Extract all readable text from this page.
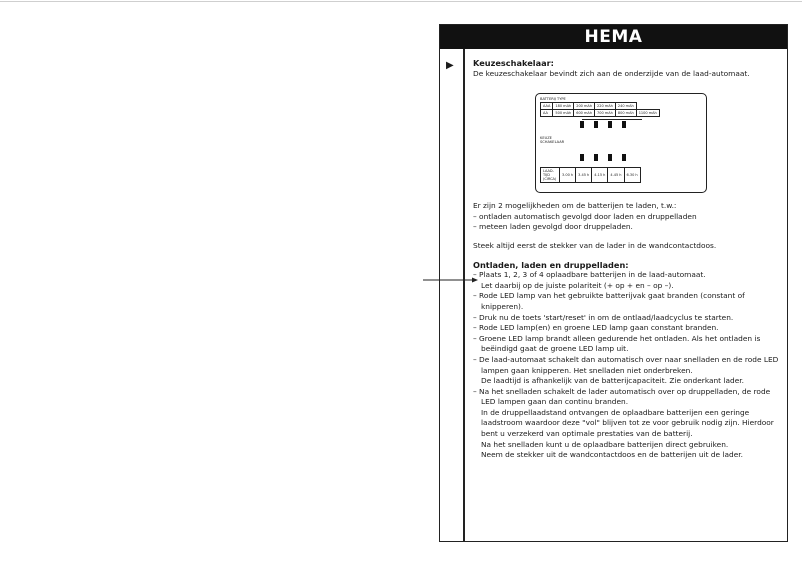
HEMA
▶ Keuzeschakelaar:

De keuzeschakelaar bevindt zich aan de onderzijde van de laad-automaat.

BATTERIJ TYPE
AAA	180 mAh	200 mAh	220 mAh	240 mAh	
AA	500 mAh	600 mAh	700 mAh	800 mAh	1100 mAh
KEUZE SCHAKELAAR
LAAD-TIJD (CIRCA)	3.00 h	3.45 h	4.15 h	4.45 h	6.30 h

Er zijn 2 mogelijkheden om de batterijen te laden, t.w.:

– ontladen automatisch gevolgd door laden en druppelladen

– meteen laden gevolgd door druppeladen.

Steek altijd eerst de stekker van de lader in de wandcontactdoos.

Ontladen, laden en druppelladen:

– Plaats 1, 2, 3 of 4 oplaadbare batterijen in de laad-automaat.

Let daarbij op de juiste polariteit (+ op + en – op –).

– Rode LED lamp van het gebruikte batterijvak gaat branden (constant of knipperen).

– Druk nu de toets 'start/reset' in om de ontlaad/laadcyclus te starten.

– Rode LED lamp(en) en groene LED lamp gaan constant branden.

– Groene LED lamp brandt alleen gedurende het ontladen. Als het ontladen is beëindigd gaat de groene LED lamp uit.

– De laad-automaat schakelt dan automatisch over naar snelladen en de rode LED lampen gaan knipperen. Het snelladen niet onderbreken.

De laadtijd is afhankelijk van de batterijcapaciteit. Zie onderkant lader.

– Na het snelladen schakelt de lader automatisch over op druppelladen, de rode LED lampen gaan dan continu branden.

In de druppellaadstand ontvangen de oplaadbare batterijen een geringe laadstroom waardoor deze "vol" blijven tot ze voor gebruik nodig zijn. Hierdoor bent u verzekerd van optimale prestaties van de batterij.

Na het snelladen kunt u de oplaadbare batterijen direct gebruiken.

Neem de stekker uit de wandcontactdoos en de batterijen uit de lader.
